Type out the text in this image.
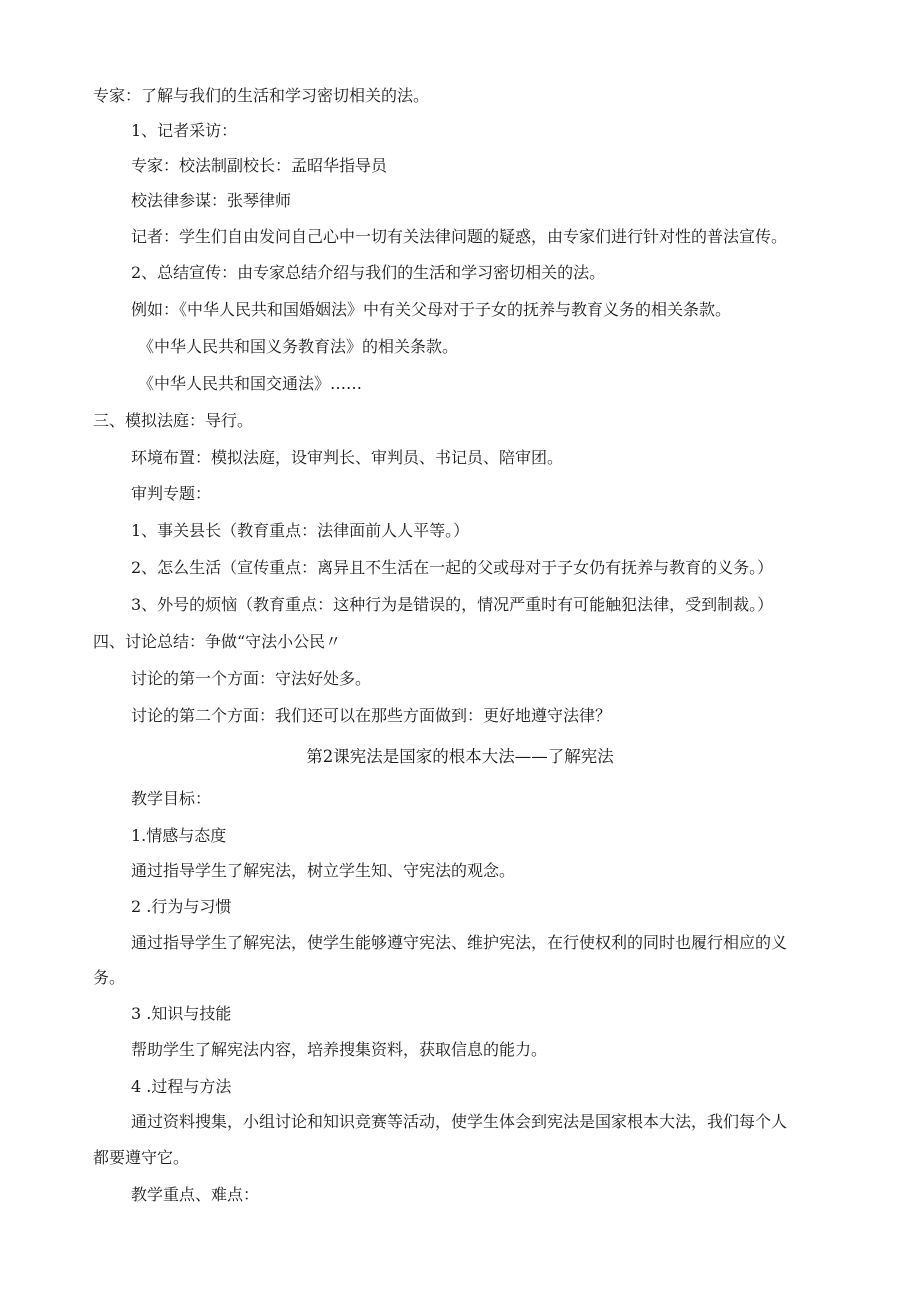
专家：了解与我们的生活和学习密切相关的法。
1、记者采访：
专家：校法制副校长：孟昭华指导员
校法律参谋：张琴律师
记者：学生们自由发问自己心中一切有关法律问题的疑惑，由专家们进行针对性的普法宣传。
2、总结宣传：由专家总结介绍与我们的生活和学习密切相关的法。
例如：《中华人民共和国婚姻法》中有关父母对于子女的抚养与教育义务的相关条款。
《中华人民共和国义务教育法》的相关条款。
《中华人民共和国交通法》……
三、模拟法庭：导行。
环境布置：模拟法庭，设审判长、审判员、书记员、陪审团。
审判专题：
1、事关县长（教育重点：法律面前人人平等。）
2、怎么生活（宣传重点：离异且不生活在一起的父或母对于子女仍有抚养与教育的义务。）
3、外号的烦恼（教育重点：这种行为是错误的，情况严重时有可能触犯法律，受到制裁。）
四、讨论总结：争做“守法小公民〃
讨论的第一个方面：守法好处多。
讨论的第二个方面：我们还可以在那些方面做到：更好地遵守法律？
第2课宪法是国家的根本大法——了解宪法
教学目标：
1.情感与态度
通过指导学生了解宪法，树立学生知、守宪法的观念。
2 .行为与习惯
通过指导学生了解宪法，使学生能够遵守宪法、维护宪法，在行使权利的同时也履行相应的义
务。
3 .知识与技能
帮助学生了解宪法内容，培养搜集资料，获取信息的能力。
4 .过程与方法
通过资料搜集，小组讨论和知识竞赛等活动，使学生体会到宪法是国家根本大法，我们每个人
都要遵守它。
教学重点、难点：
